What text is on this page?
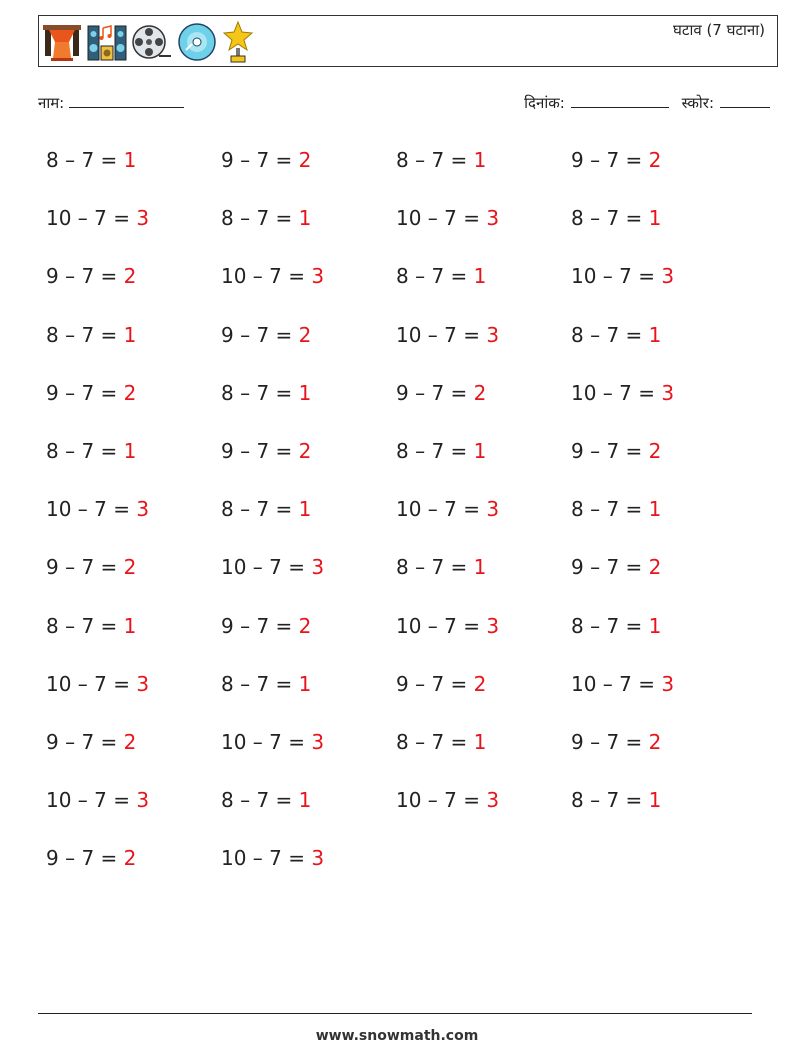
घटाव (7 घटाना)
नाम:	दिनांक:	स्कोर:
8 – 7 = 1
10 – 7 = 3
9 – 7 = 2
8 – 7 = 1
9 – 7 = 2
8 – 7 = 1
10 – 7 = 3
9 – 7 = 2
8 – 7 = 1
10 – 7 = 3
9 – 7 = 2
10 – 7 = 3
9 – 7 = 2
9 – 7 = 2
8 – 7 = 1
10 – 7 = 3
9 – 7 = 2
8 – 7 = 1
9 – 7 = 2
8 – 7 = 1
10 – 7 = 3
9 – 7 = 2
8 – 7 = 1
10 – 7 = 3
8 – 7 = 1
10 – 7 = 3
8 – 7 = 1
10 – 7 = 3
8 – 7 = 1
10 – 7 = 3
9 – 7 = 2
8 – 7 = 1
10 – 7 = 3
8 – 7 = 1
10 – 7 = 3
9 – 7 = 2
8 – 7 = 1
10 – 7 = 3
9 – 7 = 2
8 – 7 = 1
10 – 7 = 3
8 – 7 = 1
10 – 7 = 3
9 – 7 = 2
8 – 7 = 1
9 – 7 = 2
8 – 7 = 1
10 – 7 = 3
9 – 7 = 2
8 – 7 = 1
www.snowmath.com
